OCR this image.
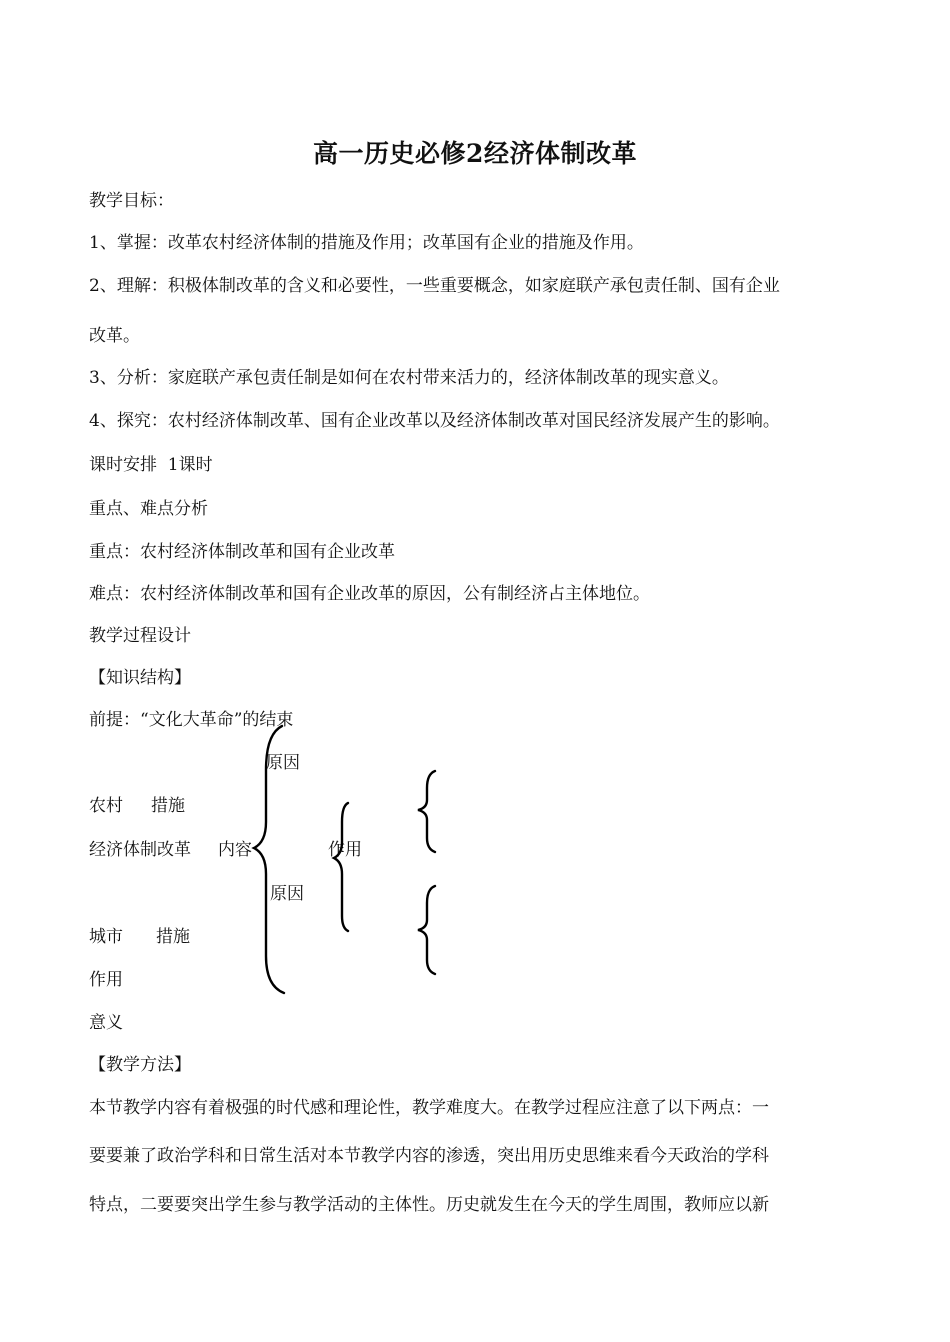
高一历史必修2经济体制改革
教学目标：
1、掌握：改革农村经济体制的措施及作用；改革国有企业的措施及作用。
2、理解：积极体制改革的含义和必要性，一些重要概念，如家庭联产承包责任制、国有企业
改革。
3、分析：家庭联产承包责任制是如何在农村带来活力的，经济体制改革的现实意义。
4、探究：农村经济体制改革、国有企业改革以及经济体制改革对国民经济发展产生的影响。
课时安排  1课时
重点、难点分析
重点：农村经济体制改革和国有企业改革
难点：农村经济体制改革和国有企业改革的原因，公有制经济占主体地位。
教学过程设计
【知识结构】
前提：“文化大革命”的结束
原因
农村 措施
经济体制改革 内容	作用
原因
城市 措施
作用
意义
【教学方法】
本节教学内容有着极强的时代感和理论性，教学难度大。在教学过程应注意了以下两点：一
要要兼了政治学科和日常生活对本节教学内容的渗透，突出用历史思维来看今天政治的学科
特点，二要要突出学生参与教学活动的主体性。历史就发生在今天的学生周围，教师应以新
